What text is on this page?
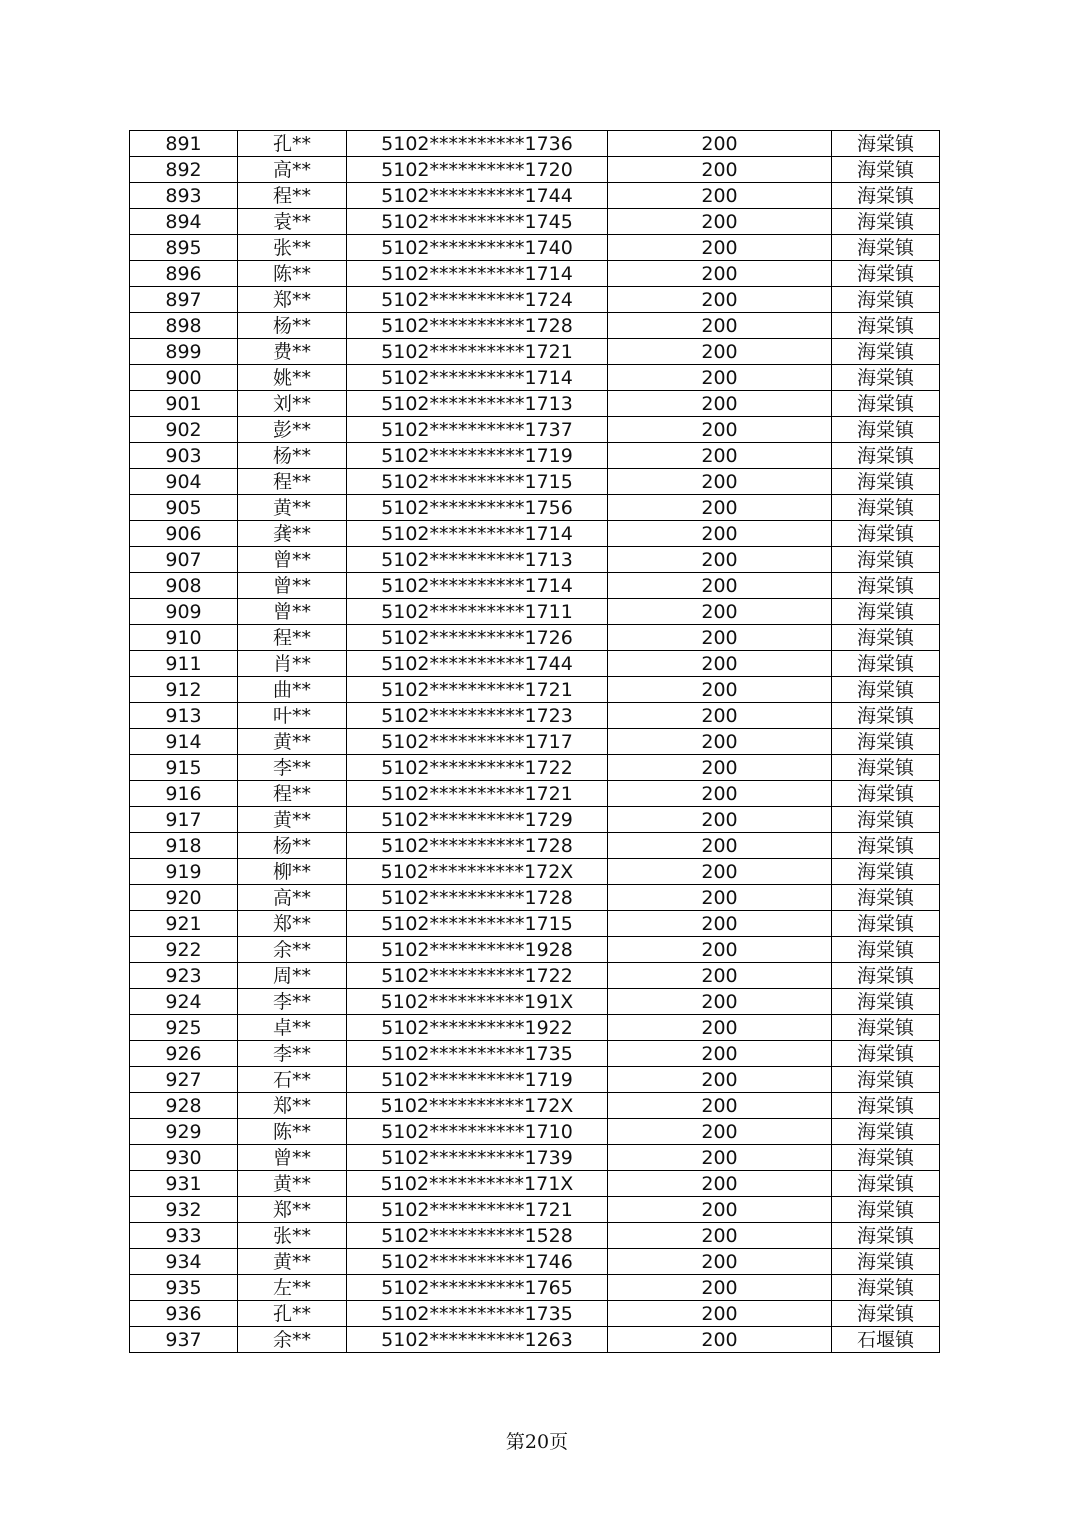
891	孔**	5102**********1736	200	海棠镇
892	高**	5102**********1720	200	海棠镇
893	程**	5102**********1744	200	海棠镇
894	袁**	5102**********1745	200	海棠镇
895	张**	5102**********1740	200	海棠镇
896	陈**	5102**********1714	200	海棠镇
897	郑**	5102**********1724	200	海棠镇
898	杨**	5102**********1728	200	海棠镇
899	费**	5102**********1721	200	海棠镇
900	姚**	5102**********1714	200	海棠镇
901	刘**	5102**********1713	200	海棠镇
902	彭**	5102**********1737	200	海棠镇
903	杨**	5102**********1719	200	海棠镇
904	程**	5102**********1715	200	海棠镇
905	黄**	5102**********1756	200	海棠镇
906	龚**	5102**********1714	200	海棠镇
907	曾**	5102**********1713	200	海棠镇
908	曾**	5102**********1714	200	海棠镇
909	曾**	5102**********1711	200	海棠镇
910	程**	5102**********1726	200	海棠镇
911	肖**	5102**********1744	200	海棠镇
912	曲**	5102**********1721	200	海棠镇
913	叶**	5102**********1723	200	海棠镇
914	黄**	5102**********1717	200	海棠镇
915	李**	5102**********1722	200	海棠镇
916	程**	5102**********1721	200	海棠镇
917	黄**	5102**********1729	200	海棠镇
918	杨**	5102**********1728	200	海棠镇
919	柳**	5102**********172X	200	海棠镇
920	高**	5102**********1728	200	海棠镇
921	郑**	5102**********1715	200	海棠镇
922	余**	5102**********1928	200	海棠镇
923	周**	5102**********1722	200	海棠镇
924	李**	5102**********191X	200	海棠镇
925	卓**	5102**********1922	200	海棠镇
926	李**	5102**********1735	200	海棠镇
927	石**	5102**********1719	200	海棠镇
928	郑**	5102**********172X	200	海棠镇
929	陈**	5102**********1710	200	海棠镇
930	曾**	5102**********1739	200	海棠镇
931	黄**	5102**********171X	200	海棠镇
932	郑**	5102**********1721	200	海棠镇
933	张**	5102**********1528	200	海棠镇
934	黄**	5102**********1746	200	海棠镇
935	左**	5102**********1765	200	海棠镇
936	孔**	5102**********1735	200	海棠镇
937	余**	5102**********1263	200	石堰镇
第20页
